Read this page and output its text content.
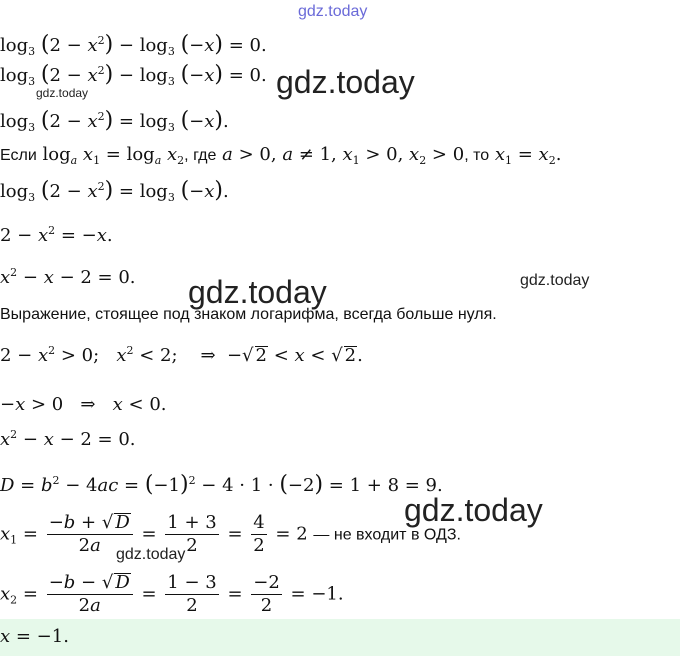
gdz.today
gdz.today
gdz.today
gdz.today	gdz.today
gdz.today
$\log_3 (2 - x^2) - \log_3 (-x) = 0$.
$\log_3 (2 - x^2) - \log_3 (-x) = 0$.
$\log_3 (2 - x^2) = \log_3 (-x)$.
Если $\log_a x_1 = \log_a x_2$, где a > 0, a ≠ 1, $x_1 > 0$, $x_2 > 0$, то $x_1 = x_2$.
$\log_3 (2 - x^2) = \log_3 (-x)$.
$2 - x^2 = -x$.
$x^2 - x - 2 = 0$.
Выражение, стоящее под знаком логарифма, всегда больше нуля.
$2 - x^2 > 0$;   $x^2 < 2$;    ⇒  −√ 2 < x < √ 2.
−x > 0   ⇒   x < 0.
$x^2 - x - 2 = 0$.
$D = b^2 - 4ac = (-1)^2 - 4 \cdot 1 \cdot (-2) = 1 + 8 = 9$.
$x_1 = \frac{-b + √ D}{2a} = \frac{1 + 3}{2} = \frac{4}{2} = 2$ — не входит в ОДЗ.
gdz.today
$x_2 = \frac{-b - √ D}{2a} = \frac{1 - 3}{2} = \frac{-2}{2} = -1$.
x = −1.
